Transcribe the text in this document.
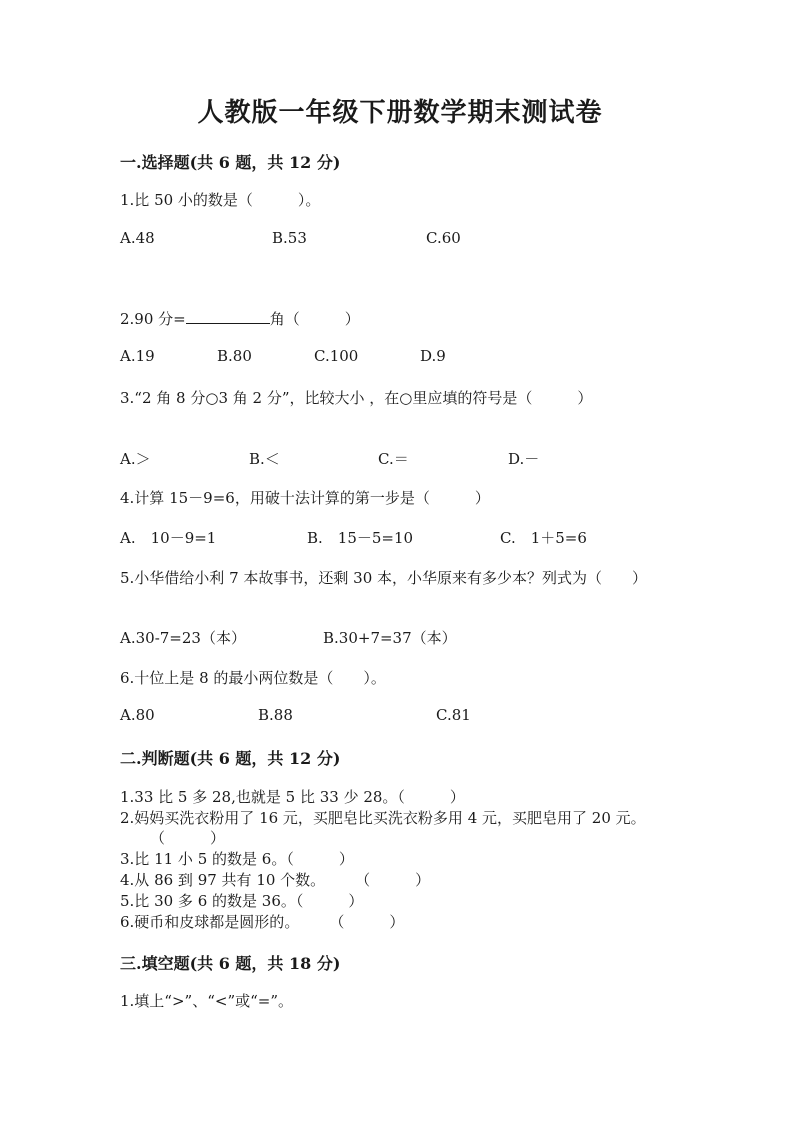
人教版一年级下册数学期末测试卷
一.选择题(共 6 题，共 12 分)
1.比 50 小的数是（　　　）。
A.48	B.53	C.60
2.90 分=	角（　　　）
A.19	B.80	C.100	D.9
3.“2 角 8 分○3 角 2 分”，比较大小 ，在○里应填的符号是（　　　）
A.＞	B.＜	C.＝	D.－
4.计算 15－9=6，用破十法计算的第一步是（　　　）
A.　10－9=1	B.　15－5=10	C.　1＋5=6
5.小华借给小利 7 本故事书，还剩 30 本，小华原来有多少本？列式为（　　）
A.30-7=23（本）	B.30+7=37（本）
6.十位上是 8 的最小两位数是（　　）。
A.80	B.88	C.81
二.判断题(共 6 题，共 12 分)
1.33 比 5 多 28,也就是 5 比 33 少 28。（　　　）
2.妈妈买洗衣粉用了 16 元，买肥皂比买洗衣粉多用 4 元，买肥皂用了 20 元。
（　　　）
3.比 11 小 5 的数是 6。（　　　）
4.从 86 到 97 共有 10 个数。　　　（　　　）
5.比 30 多 6 的数是 36。（　　　）
6.硬币和皮球都是圆形的。　　　（　　　）
三.填空题(共 6 题，共 18 分)
1.填上“>”、“<”或“=”。
